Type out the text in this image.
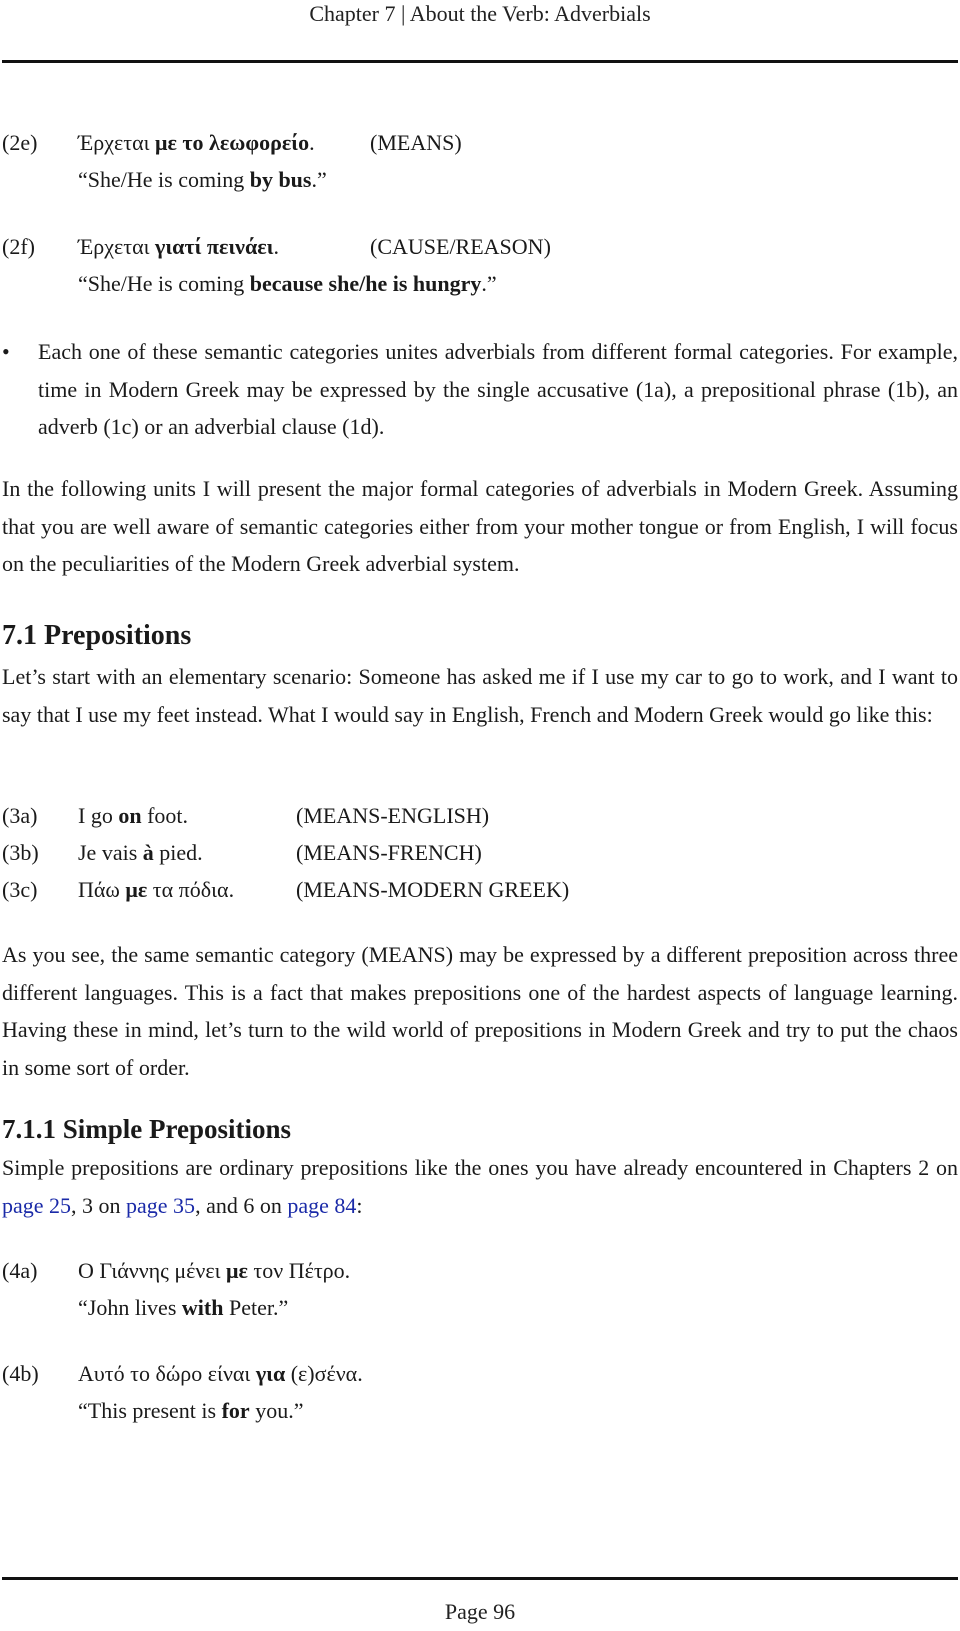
Chapter 7 | About the Verb: Adverbials
(2e) Έρχεται με το λεωφορείο.	(MEANS)
“She/He is coming by bus.”
(2f) Έρχεται γιατί πεινάει.	(CAUSE/REASON)
“She/He is coming because she/he is hungry.”
• Each one of these semantic categories unites adverbials from different formal categories. For example, time in Modern Greek may be expressed by the single accusative (1a), a prepositional phrase (1b), an adverb (1c) or an adverbial clause (1d).
In the following units I will present the major formal categories of adverbials in Modern Greek. Assuming that you are well aware of semantic categories either from your mother tongue or from English, I will focus on the peculiarities of the Modern Greek adverbial system.
7.1 Prepositions
Let’s start with an elementary scenario: Someone has asked me if I use my car to go to work, and I want to say that I use my feet instead. What I would say in English, French and Modern Greek would go like this:
(3a) I go on foot.	(MEANS-ENGLISH)
(3b) Je vais à pied.	(MEANS-FRENCH)
(3c) Πάω με τα πόδια.	(MEANS-MODERN GREEK)
As you see, the same semantic category (MEANS) may be expressed by a different preposition across three different languages. This is a fact that makes prepositions one of the hardest aspects of language learning. Having these in mind, let’s turn to the wild world of prepositions in Modern Greek and try to put the chaos in some sort of order.
7.1.1 Simple Prepositions
Simple prepositions are ordinary prepositions like the ones you have already encountered in Chapters 2 on page 25, 3 on page 35, and 6 on page 84:
(4a) Ο Γιάννης μένει με τον Πέτρο.
“John lives with Peter.”
(4b) Αυτό το δώρο είναι για (ε)σένα.
“This present is for you.”
Page 96
